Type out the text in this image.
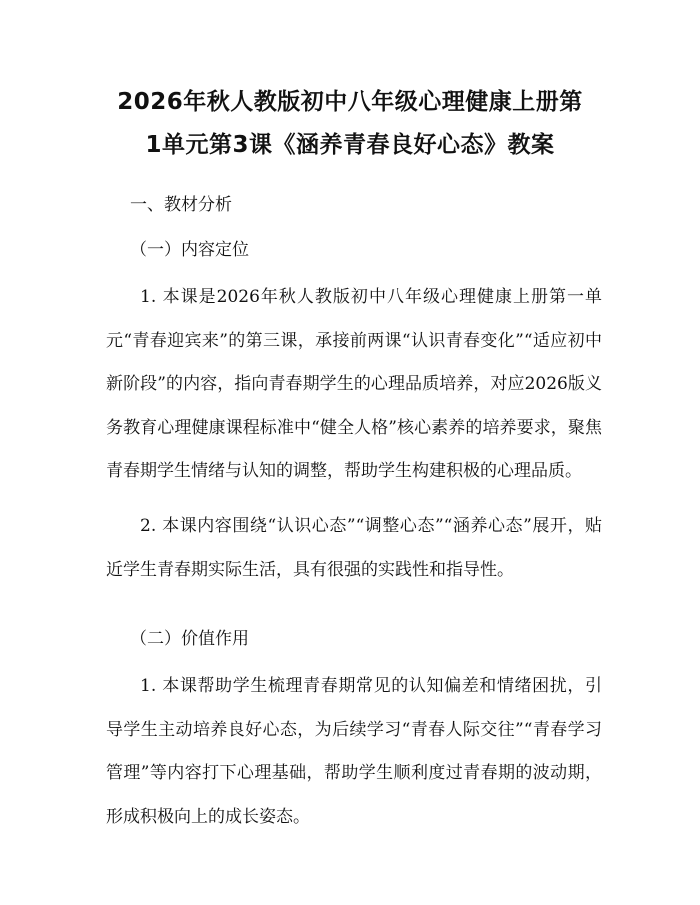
2026年秋人教版初中八年级心理健康上册第
1单元第3课《涵养青春良好心态》教案
一、教材分析
（一）内容定位

1. 本课是2026年秋人教版初中八年级心理健康上册第一单元“青春迎宾来”的第三课，承接前两课“认识青春变化”“适应初中新阶段”的内容，指向青春期学生的心理品质培养，对应2026版义务教育心理健康课程标准中“健全人格”核心素养的培养要求，聚焦青春期学生情绪与认知的调整，帮助学生构建积极的心理品质。

2. 本课内容围绕“认识心态”“调整心态”“涵养心态”展开，贴近学生青春期实际生活，具有很强的实践性和指导性。

（二）价值作用

1. 本课帮助学生梳理青春期常见的认知偏差和情绪困扰，引导学生主动培养良好心态，为后续学习“青春人际交往”“青春学习管理”等内容打下心理基础，帮助学生顺利度过青春期的波动期，形成积极向上的成长姿态。
